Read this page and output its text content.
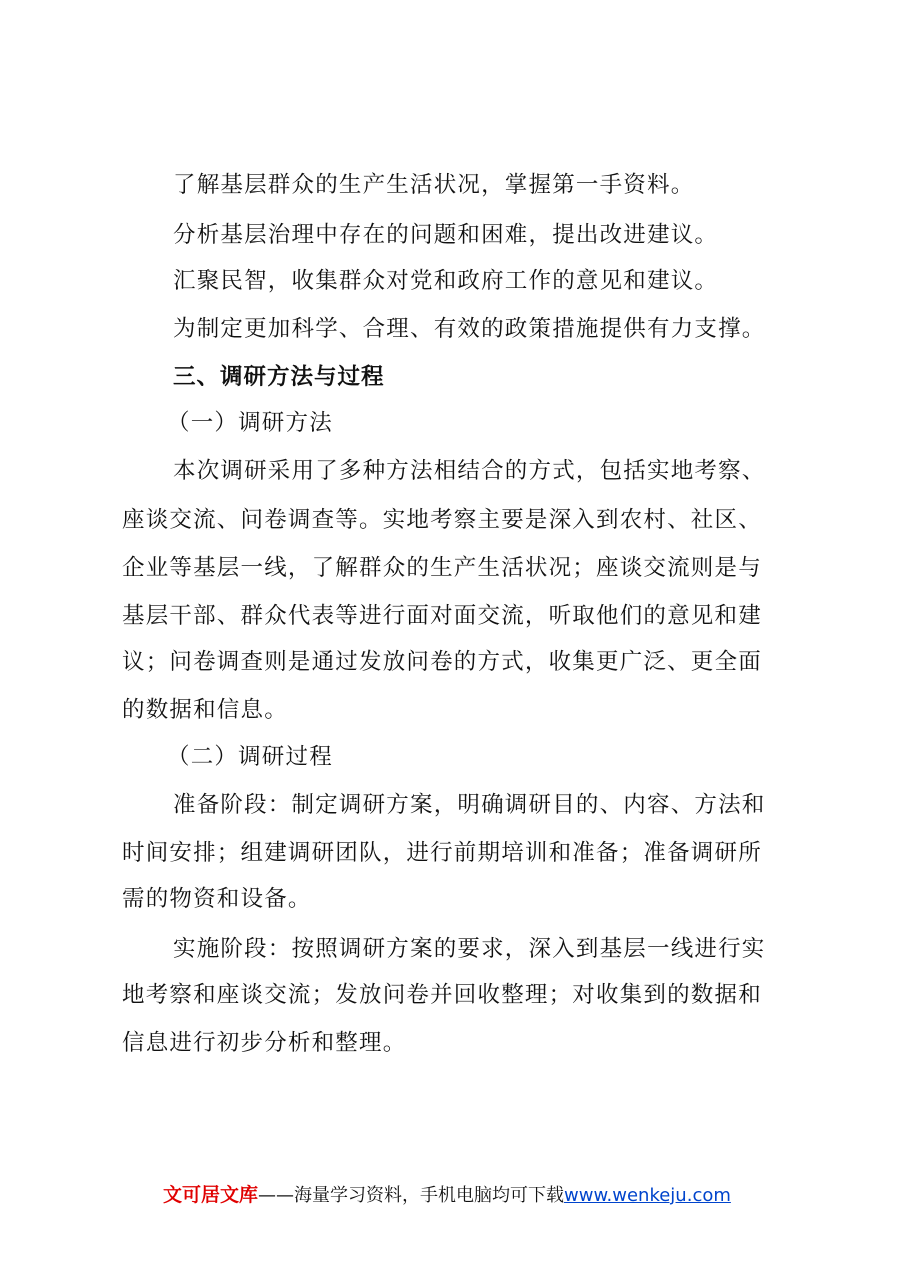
了解基层群众的生产生活状况，掌握第一手资料。
分析基层治理中存在的问题和困难，提出改进建议。
汇聚民智，收集群众对党和政府工作的意见和建议。
为制定更加科学、合理、有效的政策措施提供有力支撑。
三、调研方法与过程
（一）调研方法
本次调研采用了多种方法相结合的方式，包括实地考察、
座谈交流、问卷调查等。实地考察主要是深入到农村、社区、
企业等基层一线，了解群众的生产生活状况；座谈交流则是与
基层干部、群众代表等进行面对面交流，听取他们的意见和建
议；问卷调查则是通过发放问卷的方式，收集更广泛、更全面
的数据和信息。
（二）调研过程
准备阶段：制定调研方案，明确调研目的、内容、方法和
时间安排；组建调研团队，进行前期培训和准备；准备调研所
需的物资和设备。
实施阶段：按照调研方案的要求，深入到基层一线进行实
地考察和座谈交流；发放问卷并回收整理；对收集到的数据和
信息进行初步分析和整理。
文可居文库——海量学习资料，手机电脑均可下载www.wenkeju.com
